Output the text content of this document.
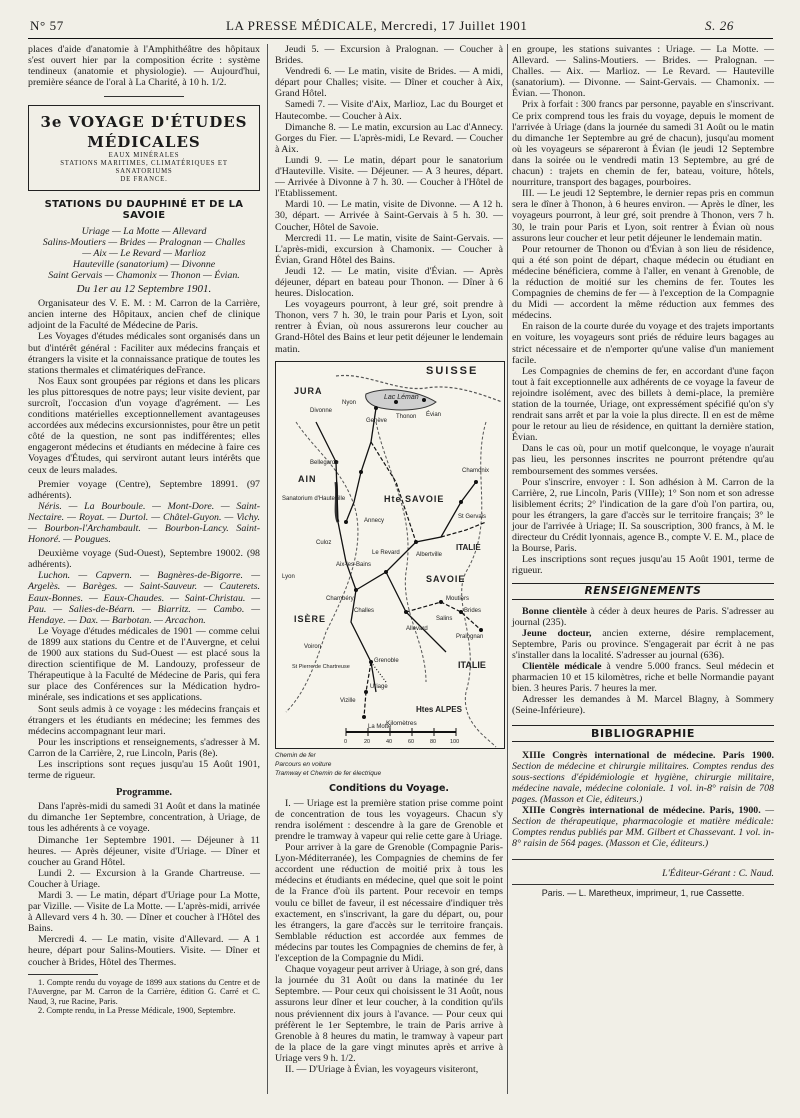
N° 57	LA PRESSE MÉDICALE, Mercredi, 17 Juillet 1901	S. 26

places d'aide d'anatomie à l'Amphithéâtre des hôpitaux s'est ouvert hier par la composition écrite : système tendineux (anatomie et physiologie). — Aujourd'hui, première séance de l'oral à La Charité, à 10 h. 1/2.

3e VOYAGE D'ÉTUDES MÉDICALES
EAUX MINÉRALES
STATIONS MARITIMES, CLIMATÉRIQUES ET SANATORIUMS
DE FRANCE.
STATIONS DU DAUPHINÉ ET DE LA SAVOIE

Uriage — La Motte — Allevard
Salins-Moutiers — Brides — Pralognan — Challes
— Aix — Le Revard — Marlioz
Hauteville (sanatorium) — Divonne
Saint Gervais — Chamonix — Thonon — Évian.

Du 1er au 12 Septembre 1901.

Organisateur des V. E. M. : M. Carron de la Carrière, ancien interne des Hôpitaux, ancien chef de clinique adjoint de la Faculté de Médecine de Paris.

Les Voyages d'études médicales sont organisés dans un but d'intérêt général : Faciliter aux médecins français et étrangers la visite et la connaissance pratique de toutes les stations thermales et climatériques deFrance.

Nos Eaux sont groupées par régions et dans les plicars les plus pittoresques de notre pays; leur visite devient, par surcroît, l'occasion d'un voyage d'agrément. — Les conditions matérielles exceptionnellement avantageuses accordées aux médecins excursionnistes, pour être un petit côté de la question, ne sont pas indifférentes; elles engageront médecins et étudiants en médecine à faire ces Voyages d'Études, qui serviront autant leurs intérêts que ceux de leurs malades.

Premier voyage (Centre), Septembre 18991. (97 adhérents).

Néris. — La Bourboule. — Mont-Dore. — Saint-Nectaire. — Royat. — Durtol. — Châtel-Guyon. — Vichy. — Bourbon-l'Archambault. — Bourbon-Lancy. Saint-Honoré. — Pougues.

Deuxième voyage (Sud-Ouest), Septembre 19002. (98 adhérents).

Luchon. — Capvern. — Bagnères-de-Bigorre. — Argelès. — Barèges. — Saint-Sauveur. — Cauterets. Eaux-Bonnes. — Eaux-Chaudes. — Saint-Christau. — Pau. — Salies-de-Béarn. — Biarritz. — Cambo. — Hendaye. — Dax. — Barbotan. — Arcachon.

Le Voyage d'études médicales de 1901 — comme celui de 1899 aux stations du Centre et de l'Auvergne, et celui de 1900 aux stations du Sud-Ouest — est placé sous la direction scientifique de M. Landouzy, professeur de Thérapeutique à la Faculté de Médecine de Paris, qui fera sur place des Conférences sur la Médication hydro-minérale, ses indications et ses applications.

Sont seuls admis à ce voyage : les médecins français et étrangers et les étudiants en médecine; les femmes des médecins accompagnant leur mari.

Pour les inscriptions et renseignements, s'adresser à M. Carron de la Carrière, 2, rue Lincoln, Paris (8e).

Les inscriptions sont reçues jusqu'au 15 Août 1901, terme de rigueur.

Programme.

Dans l'après-midi du samedi 31 Août et dans la matinée du dimanche 1er Septembre, concentration, à Uriage, de tous les adhérents à ce voyage.

Dimanche 1er Septembre 1901. — Déjeuner à 11 heures. — Après déjeuner, visite d'Uriage. — Dîner et coucher au Grand Hôtel.

Lundi 2. — Excursion à la Grande Chartreuse. — Coucher à Uriage.

Mardi 3. — Le matin, départ d'Uriage pour La Motte, par Vizille. — Visite de La Motte. — L'après-midi, arrivée à Allevard vers 4 h. 30. — Dîner et coucher à l'Hôtel des Bains.

Mercredi 4. — Le matin, visite d'Allevard. — A 1 heure, départ pour Salins-Moutiers. Visite. — Dîner et coucher à Brides, Hôtel des Thermes.

1. Compte rendu du voyage de 1899 aux stations du Centre et de l'Auvergne, par M. Carron de la Carrière, édition G. Carré et C. Naud, 3, rue Racine, Paris.

2. Compte rendu, in La Presse Médicale, 1900, Septembre.

Jeudi 5. — Excursion à Pralognan. — Coucher à Brides.

Vendredi 6. — Le matin, visite de Brides. — A midi, départ pour Challes; visite. — Dîner et coucher à Aix, Grand Hôtel.

Samedi 7. — Visite d'Aix, Marlioz, Lac du Bourget et Hautecombe. — Coucher à Aix.

Dimanche 8. — Le matin, excursion au Lac d'Annecy. Gorges du Fier. — L'après-midi, Le Revard. — Coucher à Aix.

Lundi 9. — Le matin, départ pour le sanatorium d'Hauteville. Visite. — Déjeuner. — A 3 heures, départ. — Arrivée à Divonne à 7 h. 30. — Coucher à l'Hôtel de l'Etablissement.

Mardi 10. — Le matin, visite de Divonne. — A 12 h. 30, départ. — Arrivée à Saint-Gervais à 5 h. 30. — Coucher, Hôtel de Savoie.

Mercredi 11. — Le matin, visite de Saint-Gervais. — L'après-midi, excursion à Chamonix. — Coucher à Évian, Grand Hôtel des Bains.

Jeudi 12. — Le matin, visite d'Évian. — Après déjeuner, départ en bateau pour Thonon. — Dîner à 6 heures. Dislocation.

Les voyageurs pourront, à leur gré, soit prendre à Thonon, vers 7 h. 30, le train pour Paris et Lyon, soit rentrer à Évian, où nous assurerons leur coucher au Grand-Hôtel des Bains et leur petit déjeuner le lendemain matin.

SUISSE
JURA
AIN
ISÈRE
SAVOIE
Hte SAVOIE
ITALIE
ITALIE
Htes ALPES
Lac Léman
Genève
Évian
Thonon
Divonne
Nyon
Bellegarde
Annecy
Aix-les-Bains
Chambéry
Albertville
Moutiers
Brides
Salins
Pralognan
Allevard
Grenoble
Uriage
Vizille
La Motte
Challes
Sanatorium d'Hauteville
St Gervais
Chamonix
Le Revard
Culoz
Lyon
Voiron
St Pierre de Chartreuse
Kilomètres
0	20	40	60	80	100
Chemin de fer
Parcours en voiture
Tramway et Chemin de fer électrique
Conditions du Voyage.

I. — Uriage est la première station prise comme point de concentration de tous les voyageurs. Chacun s'y rendra isolément : descendre à la gare de Grenoble et prendre le tramway à vapeur qui relie cette gare à Uriage.

Pour arriver à la gare de Grenoble (Compagnie Paris-Lyon-Méditerranée), les Compagnies de chemins de fer accordent une réduction de moitié prix à tous les médecins et étudiants en médecine, quel que soit le point de la France d'où ils partent. Pour recevoir en temps voulu ce billet de faveur, il est nécessaire d'indiquer très exactement, en s'inscrivant, la gare du départ, ou, pour les étrangers, la gare d'accès sur le territoire français. Semblable réduction est accordée aux femmes de médecins par toutes les Compagnies de chemins de fer, à l'exception de la Compagnie du Midi.

Chaque voyageur peut arriver à Uriage, à son gré, dans la journée du 31 Août ou dans la matinée du 1er Septembre. — Pour ceux qui choisissent le 31 Août, nous assurons leur dîner et leur coucher, à la condition qu'ils nous préviennent dix jours à l'avance. — Pour ceux qui préfèrent le 1er Septembre, le train de Paris arrive à Grenoble à 8 heures du matin, le tramway à vapeur part de la place de la gare vingt minutes après et arrive à Uriage vers 9 h. 1/2.

II. — D'Uriage à Évian, les voyageurs visiteront,

en groupe, les stations suivantes : Uriage. — La Motte. — Allevard. — Salins-Moutiers. — Brides. — Pralognan. — Challes. — Aix. — Marlioz. — Le Revard. — Hauteville (sanatorium). — Divonne. — Saint-Gervais. — Chamonix. — Évian. — Thonon.

Prix à forfait : 300 francs par personne, payable en s'inscrivant. Ce prix comprend tous les frais du voyage, depuis le moment de l'arrivée à Uriage (dans la journée du samedi 31 Août ou le matin du dimanche 1er Septembre au gré de chacun), jusqu'au moment où les voyageurs se sépareront à Évian (le jeudi 12 Septembre dans la soirée ou le vendredi matin 13 Septembre, au gré de chacun) : trajets en chemin de fer, bateau, voiture, hôtels, nourriture, transport des bagages, pourboires.

III. — Le jeudi 12 Septembre, le dernier repas pris en commun sera le dîner à Thonon, à 6 heures environ. — Après le dîner, les voyageurs pourront, à leur gré, soit prendre à Thonon, vers 7 h. 30, le train pour Paris et Lyon, soit rentrer à Évian où nous assurons leur coucher et leur petit déjeuner le lendemain matin.

Pour retourner de Thonon ou d'Évian à son lieu de résidence, qui a été son point de départ, chaque médecin ou étudiant en médecine bénéficiera, comme à l'aller, en venant à Grenoble, de la réduction de moitié sur les chemins de fer. Toutes les Compagnies de chemins de fer — à l'exception de la Compagnie du Midi — accordent la même réduction aux femmes des médecins.

En raison de la courte durée du voyage et des trajets importants en voiture, les voyageurs sont priés de réduire leurs bagages au strict nécessaire et de n'emporter qu'une valise d'un maniement facile.

Les Compagnies de chemins de fer, en accordant d'une façon tout à fait exceptionnelle aux adhérents de ce voyage la faveur de rejoindre isolément, avec des billets à demi-place, la première station de la tournée, Uriage, ont expressément spécifié qu'on s'y rendrait sans arrêt et par la voie la plus directe. Il en est de même pour le retour au lieu de résidence, en quittant la dernière station, Évian.

Dans le cas où, pour un motif quelconque, le voyage n'aurait pas lieu, les personnes inscrites ne pourront prétendre qu'au remboursement des sommes versées.

Pour s'inscrire, envoyer : I. Son adhésion à M. Carron de la Carrière, 2, rue Lincoln, Paris (VIIIe); 1° Son nom et son adresse lisiblement écrits; 2° l'indication de la gare d'où l'on partira, ou, pour les étrangers, la gare d'accès sur le territoire français; 3° le jour de l'arrivée à Uriage; II. Sa souscription, 300 francs, à M. le directeur du Crédit lyonnais, agence B., compte V. E. M., place de la Bourse, Paris.

Les inscriptions sont reçues jusqu'au 15 Août 1901, terme de rigueur.

RENSEIGNEMENTS

Bonne clientèle à céder à deux heures de Paris. S'adresser au journal (235).

Jeune docteur, ancien externe, désire remplacement, Septembre, Paris ou province. S'engagerait par écrit à ne pas s'installer dans la localité. S'adresser au journal (636).

Clientèle médicale à vendre 5.000 francs. Seul médecin et pharmacien 10 et 15 kilomètres, riche et belle Normandie payant bien. 3 heures Paris. 7 heures la mer.

Adresser les demandes à M. Marcel Blagny, à Sommery (Seine-Inférieure).

BIBLIOGRAPHIE

XIIIe Congrès international de médecine. Paris 1900. Section de médecine et chirurgie militaires. Comptes rendus des sous-sections d'épidémiologie et hygiène, chirurgie militaire, médecine navale, médecine coloniale. 1 vol. in-8° raisin de 708 pages. (Masson et Cie, éditeurs.)

XIIIe Congrès international de médecine. Paris, 1900. — Section de thérapeutique, pharmacologie et matière médicale: Comptes rendus publiés par MM. Gilbert et Chassevant. 1 vol. in-8° raisin de 564 pages. (Masson et Cie, éditeurs.)

L'Éditeur-Gérant : C. Naud.
Paris. — L. Maretheux, imprimeur, 1, rue Cassette.
